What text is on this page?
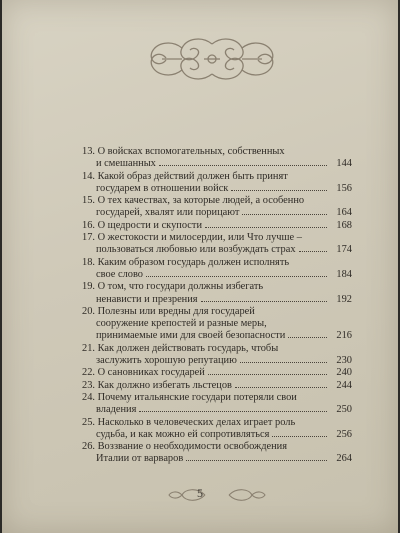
13. О войсках вспомогательных, собственных
и смешанных	144
14. Какой образ действий должен быть принят
государем в отношении войск	156
15. О тех качествах, за которые людей, а особенно
государей, хвалят или порицают	164
16. О щедрости и скупости	168
17. О жестокости и милосердии, или Что лучше –
пользоваться любовью или возбуждать страх	174
18. Каким образом государь должен исполнять
свое слово	184
19. О том, что государи должны избегать
ненависти и презрения	192
20. Полезны или вредны для государей
сооружение крепостей и разные меры,
принимаемые ими для своей безопасности	216
21. Как должен действовать государь, чтобы
заслужить хорошую репутацию	230
22. О сановниках государей	240
23. Как должно избегать льстецов	244
24. Почему итальянские государи потеряли свои
владения	250
25. Насколько в человеческих делах играет роль
судьба, и как можно ей сопротивляться	256
26. Воззвание о необходимости освобождения
Италии от варваров	264
5
